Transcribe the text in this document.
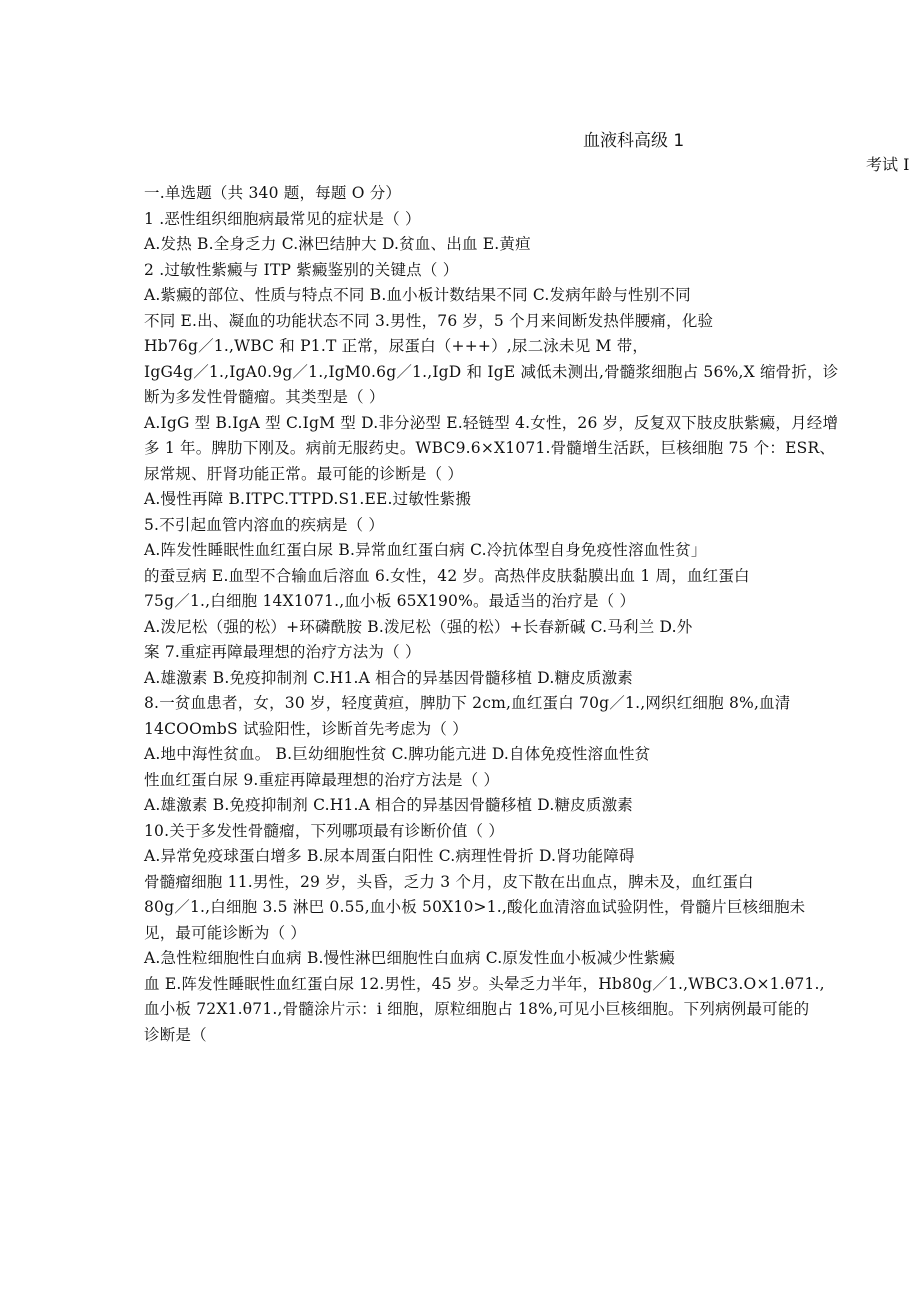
血液科高级 1
考试 I
一.单选题（共 340 题，每题 O 分）
1 .恶性组织细胞病最常见的症状是（ ）
A.发热 B.全身乏力 C.淋巴结肿大 D.贫血、出血 E.黄疸
2 .过敏性紫癜与 ITP 紫癜鉴别的关键点（ ）
A.紫癜的部位、性质与特点不同 B.血小板计数结果不同 C.发病年龄与性别不同
不同 E.出、凝血的功能状态不同 3.男性，76 岁，5 个月来间断发热伴腰痛，化验
Hb76g／1.,WBC 和 P1.T 正常，尿蛋白（+++）,尿二泳未见 M 带，
IgG4g／1.,IgA0.9g／1.,IgM0.6g／1.,IgD 和 IgE 减低未测出,骨髓浆细胞占 56%,X 缩骨折，诊
断为多发性骨髓瘤。其类型是（ ）
A.IgG 型 B.IgA 型 C.IgM 型 D.非分泌型 E.轻链型 4.女性，26 岁，反复双下肢皮肤紫癜，月经增
多 1 年。脾肋下刚及。病前无服药史。WBC9.6×X1071.骨髓增生活跃，巨核细胞 75 个：ESR、
尿常规、肝肾功能正常。最可能的诊断是（ ）
A.慢性再障 B.ITPC.TTPD.S1.EE.过敏性紫搬
5.不引起血管内溶血的疾病是（ ）
A.阵发性睡眠性血红蛋白尿 B.异常血红蛋白病 C.冷抗体型自身免疫性溶血性贫」
的蚕豆病 E.血型不合输血后溶血 6.女性，42 岁。高热伴皮肤黏膜出血 1 周，血红蛋白
75g／1.,白细胞 14X1071.,血小板 65X190%。最适当的治疗是（ ）
A.泼尼松（强的松）+环磷酰胺 B.泼尼松（强的松）+长春新碱 C.马利兰 D.外
案 7.重症再障最理想的治疗方法为（ ）
A.雄激素 B.免疫抑制剂 C.H1.A 相合的异基因骨髓移植 D.糖皮质激素
8.一贫血患者，女，30 岁，轻度黄疸，脾肋下 2cm,血红蛋白 70g／1.,网织红细胞 8%,血清
14COOmbS 试验阳性，诊断首先考虑为（ ）
A.地中海性贫血。 B.巨幼细胞性贫 C.脾功能亢进 D.自体免疫性溶血性贫
性血红蛋白尿 9.重症再障最理想的治疗方法是（ ）
A.雄激素 B.免疫抑制剂 C.H1.A 相合的异基因骨髓移植 D.糖皮质激素
10.关于多发性骨髓瘤，下列哪项最有诊断价值（ ）
A.异常免疫球蛋白增多 B.尿本周蛋白阳性 C.病理性骨折 D.肾功能障碍
骨髓瘤细胞 11.男性，29 岁，头昏，乏力 3 个月，皮下散在出血点，脾未及，血红蛋白
80g／1.,白细胞 3.5 淋巴 0.55,血小板 50X10>1.,酸化血清溶血试验阴性，骨髓片巨核细胞未
见，最可能诊断为（ ）
A.急性粒细胞性白血病 B.慢性淋巴细胞性白血病 C.原发性血小板减少性紫癜
血 E.阵发性睡眠性血红蛋白尿 12.男性，45 岁。头晕乏力半年，Hb80g／1.,WBC3.O×1.θ71.,
血小板 72X1.θ71.,骨髓涂片示：i 细胞，原粒细胞占 18%,可见小巨核细胞。下列病例最可能的
诊断是（
